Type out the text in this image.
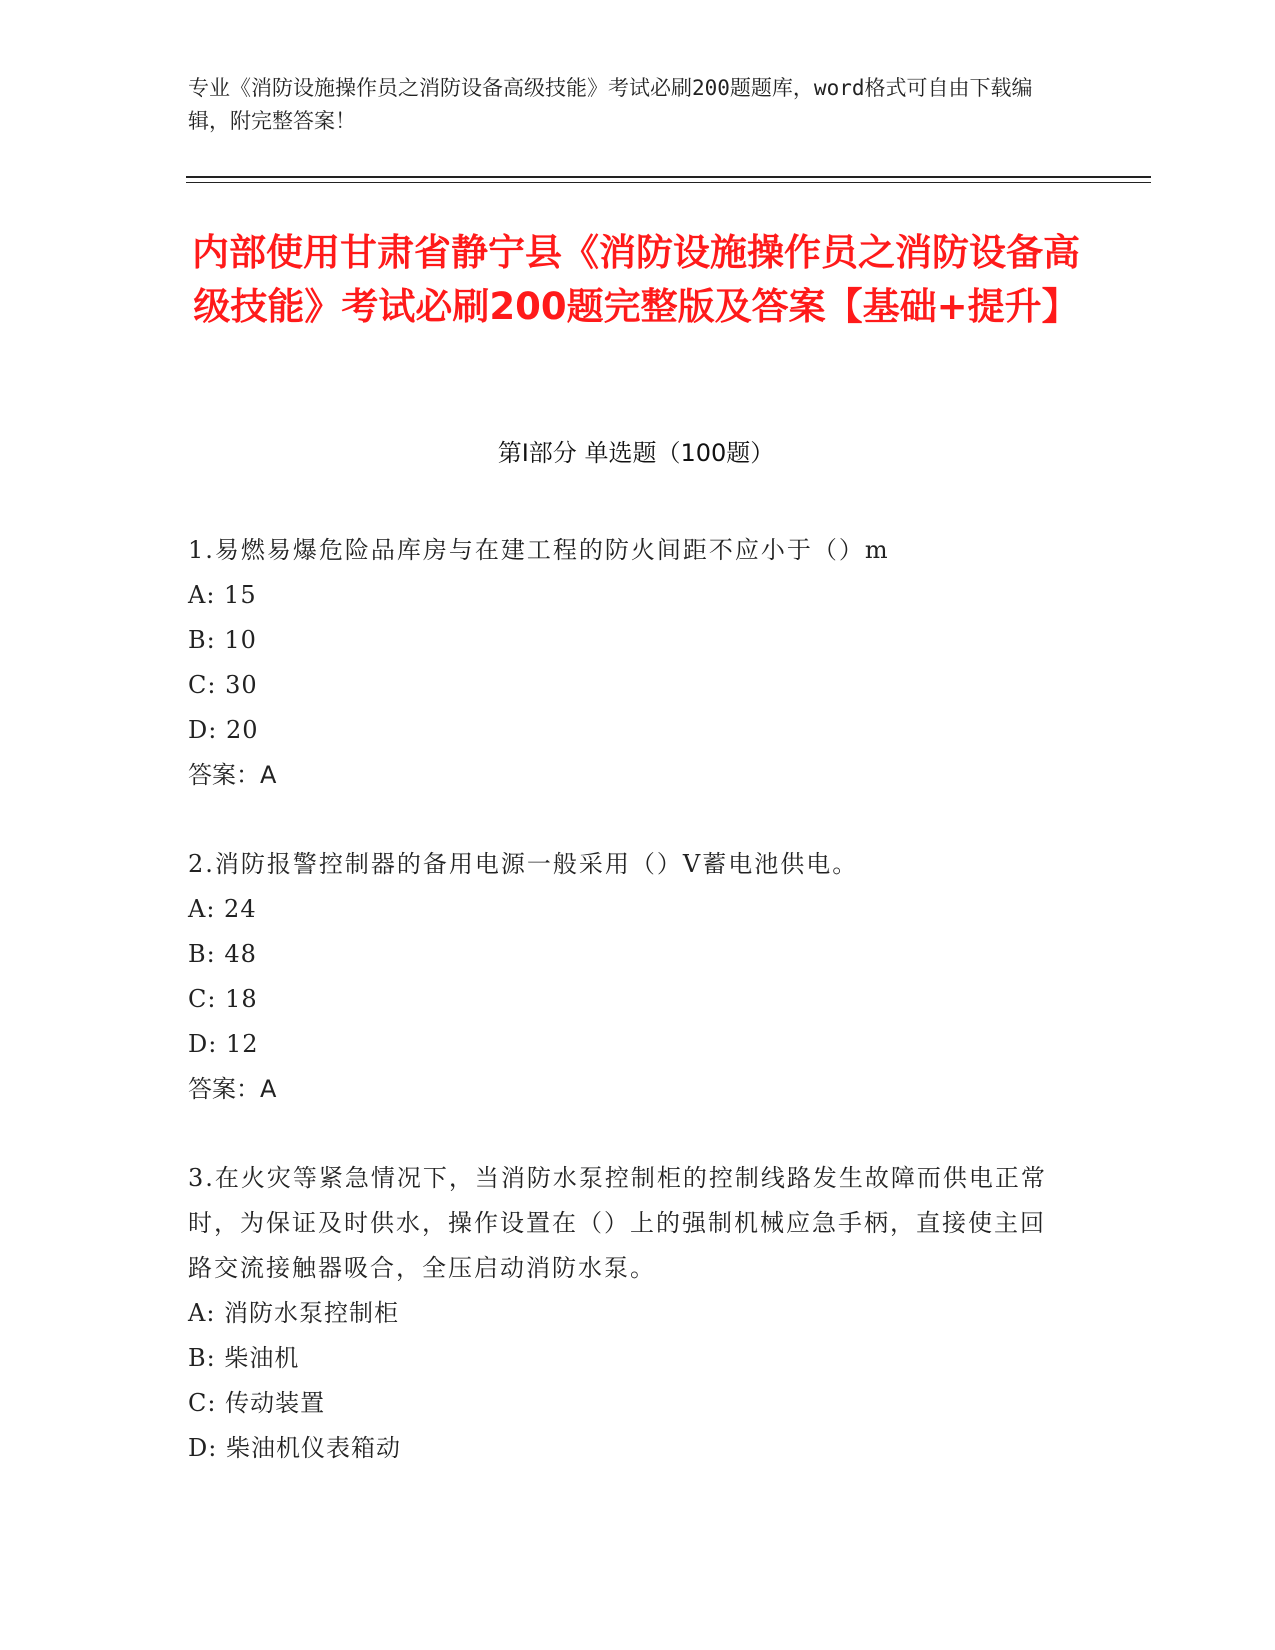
专业《消防设施操作员之消防设备高级技能》考试必刷200题题库，word格式可自由下载编辑，附完整答案！
内部使用甘肃省静宁县《消防设施操作员之消防设备高级技能》考试必刷200题完整版及答案【基础+提升】
第I部分 单选题（100题）
1.易燃易爆危险品库房与在建工程的防火间距不应小于（）m
A: 15
B: 10
C: 30
D: 20
答案：A
2.消防报警控制器的备用电源一般采用（）V蓄电池供电。
A: 24
B: 48
C: 18
D: 12
答案：A
3.在火灾等紧急情况下，当消防水泵控制柜的控制线路发生故障而供电正常时，为保证及时供水，操作设置在（）上的强制机械应急手柄，直接使主回路交流接触器吸合，全压启动消防水泵。
A: 消防水泵控制柜
B: 柴油机
C: 传动装置
D: 柴油机仪表箱动
